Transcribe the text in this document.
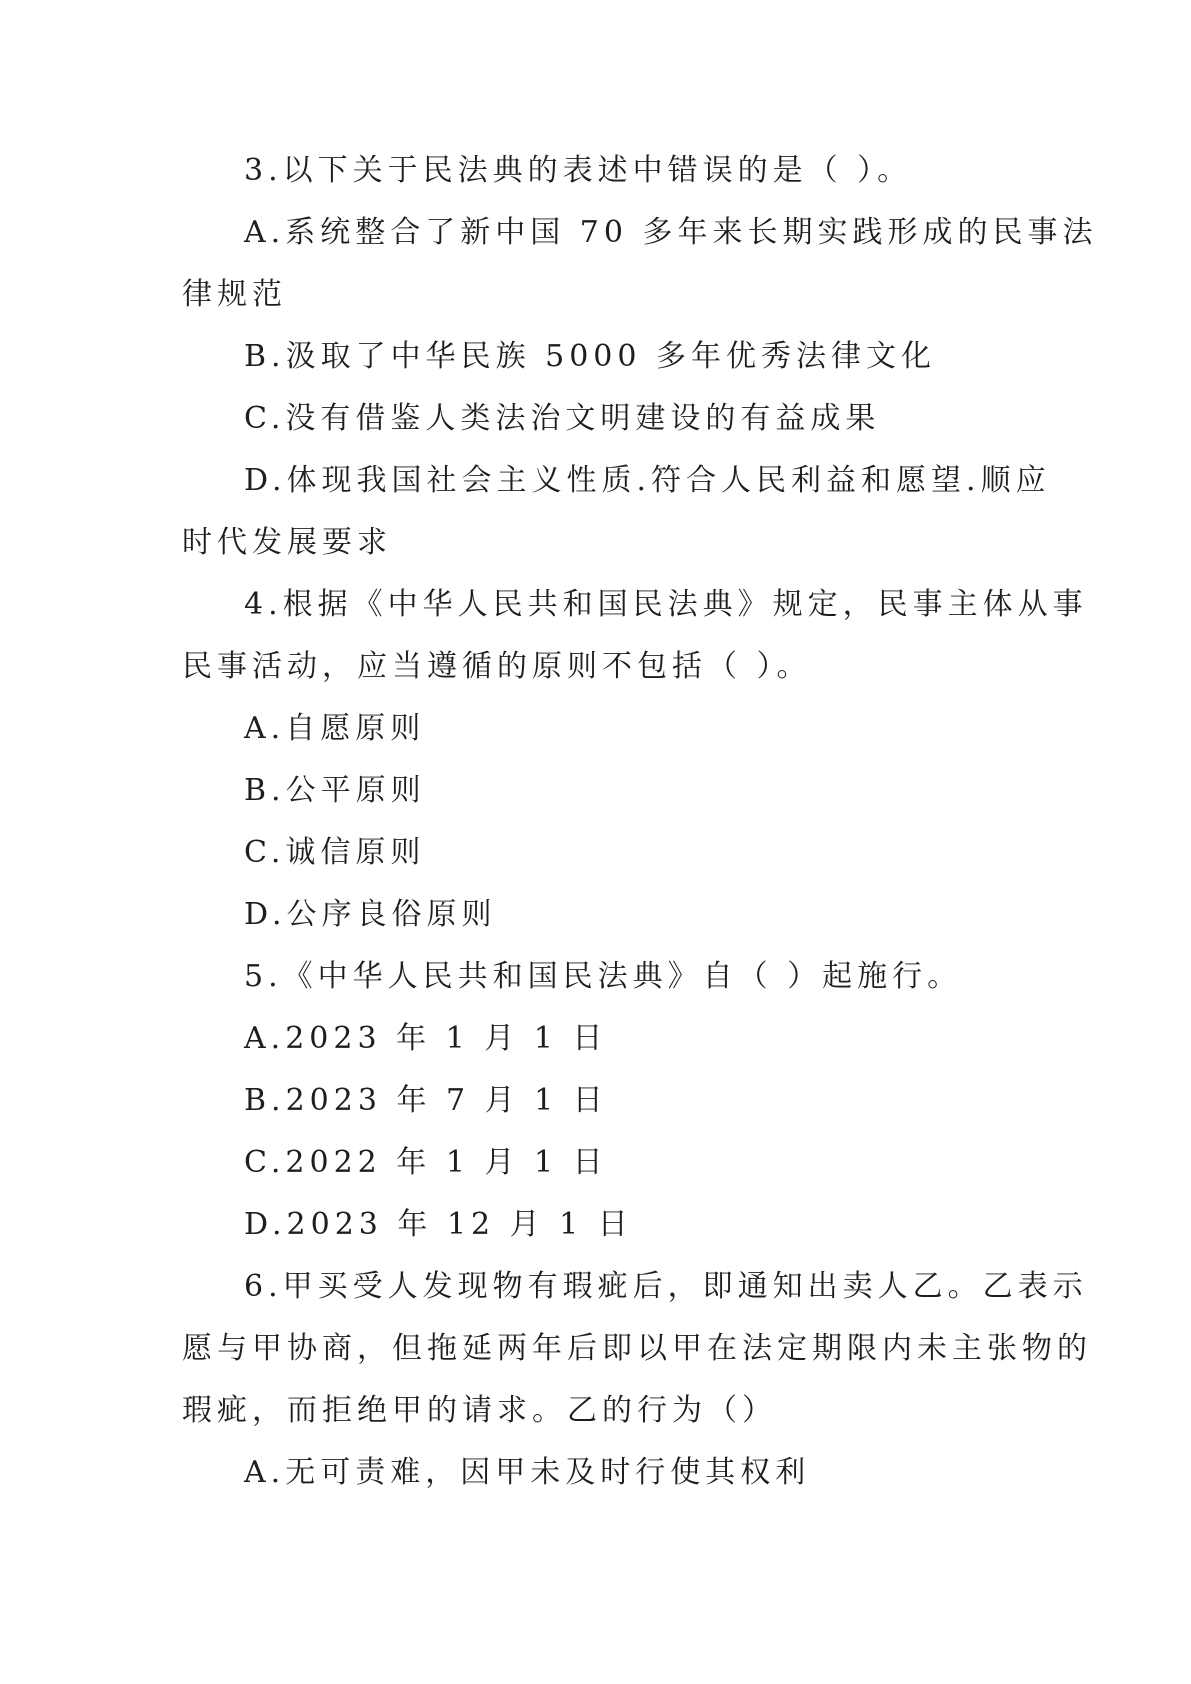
3.以下关于民法典的表述中错误的是（ ）。
A.系统整合了新中国 70 多年来长期实践形成的民事法
律规范
B.汲取了中华民族 5000 多年优秀法律文化
C.没有借鉴人类法治文明建设的有益成果
D.体现我国社会主义性质.符合人民利益和愿望.顺应
时代发展要求
4.根据《中华人民共和国民法典》规定，民事主体从事
民事活动，应当遵循的原则不包括（ ）。
A.自愿原则
B.公平原则
C.诚信原则
D.公序良俗原则
5.《中华人民共和国民法典》自（ ）起施行。
A.2023 年 1 月 1 日
B.2023 年 7 月 1 日
C.2022 年 1 月 1 日
D.2023 年 12 月 1 日
6.甲买受人发现物有瑕疵后，即通知出卖人乙。乙表示
愿与甲协商，但拖延两年后即以甲在法定期限内未主张物的
瑕疵，而拒绝甲的请求。乙的行为（）
A.无可责难，因甲未及时行使其权利
